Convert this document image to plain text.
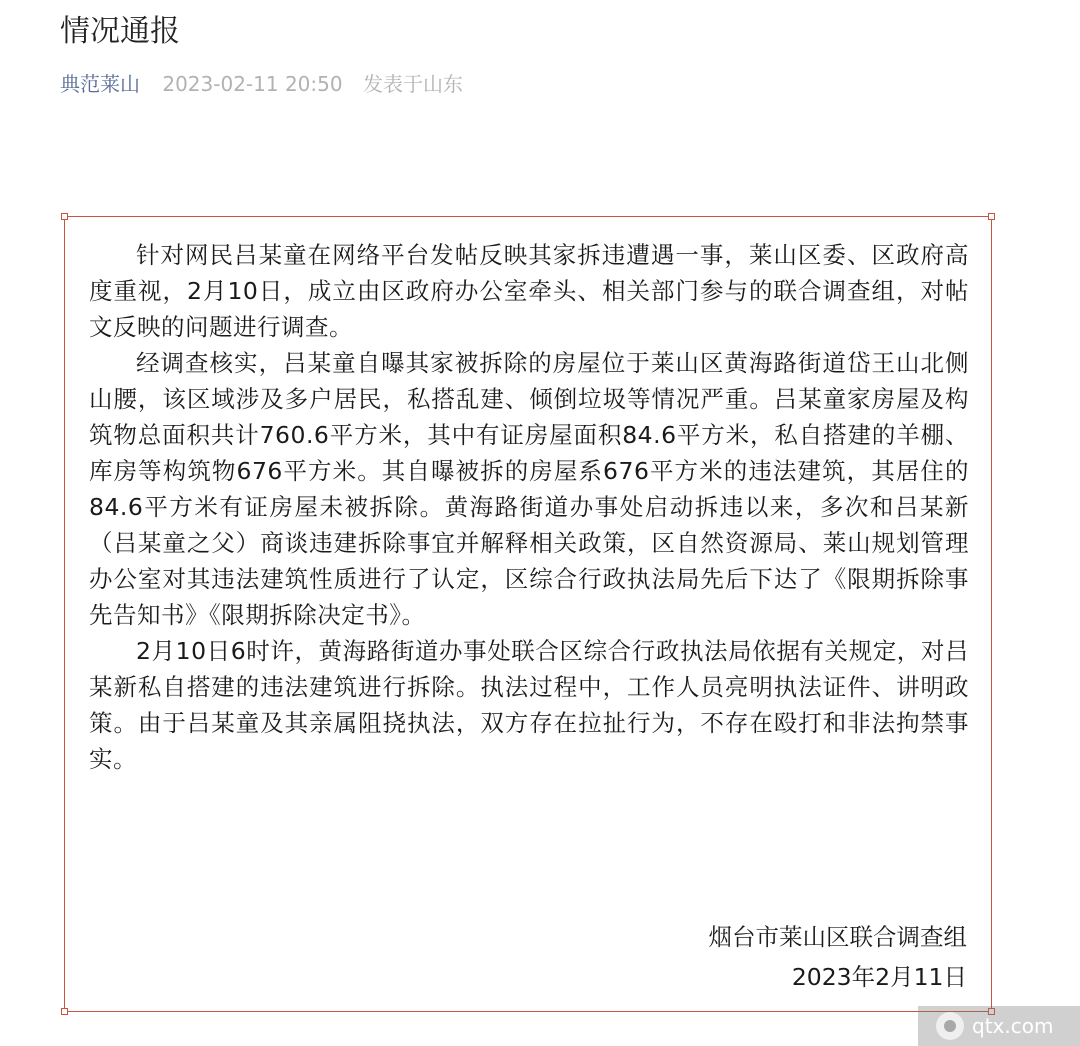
情况通报
典范莱山 2023-02-11 20:50 发表于山东

针对网民吕某童在网络平台发帖反映其家拆违遭遇一事，莱山区委、区政府高度重视，2月10日，成立由区政府办公室牵头、相关部门参与的联合调查组，对帖文反映的问题进行调查。

经调查核实，吕某童自曝其家被拆除的房屋位于莱山区黄海路街道岱王山北侧山腰，该区域涉及多户居民，私搭乱建、倾倒垃圾等情况严重。吕某童家房屋及构筑物总面积共计760.6平方米，其中有证房屋面积84.6平方米，私自搭建的羊棚、库房等构筑物676平方米。其自曝被拆的房屋系676平方米的违法建筑，其居住的84.6平方米有证房屋未被拆除。黄海路街道办事处启动拆违以来，多次和吕某新（吕某童之父）商谈违建拆除事宜并解释相关政策，区自然资源局、莱山规划管理办公室对其违法建筑性质进行了认定，区综合行政执法局先后下达了《限期拆除事先告知书》《限期拆除决定书》。

2月10日6时许，黄海路街道办事处联合区综合行政执法局依据有关规定，对吕某新私自搭建的违法建筑进行拆除。执法过程中，工作人员亮明执法证件、讲明政策。由于吕某童及其亲属阻挠执法，双方存在拉扯行为，不存在殴打和非法拘禁事实。

烟台市莱山区联合调查组
2023年2月11日
qtx.com
